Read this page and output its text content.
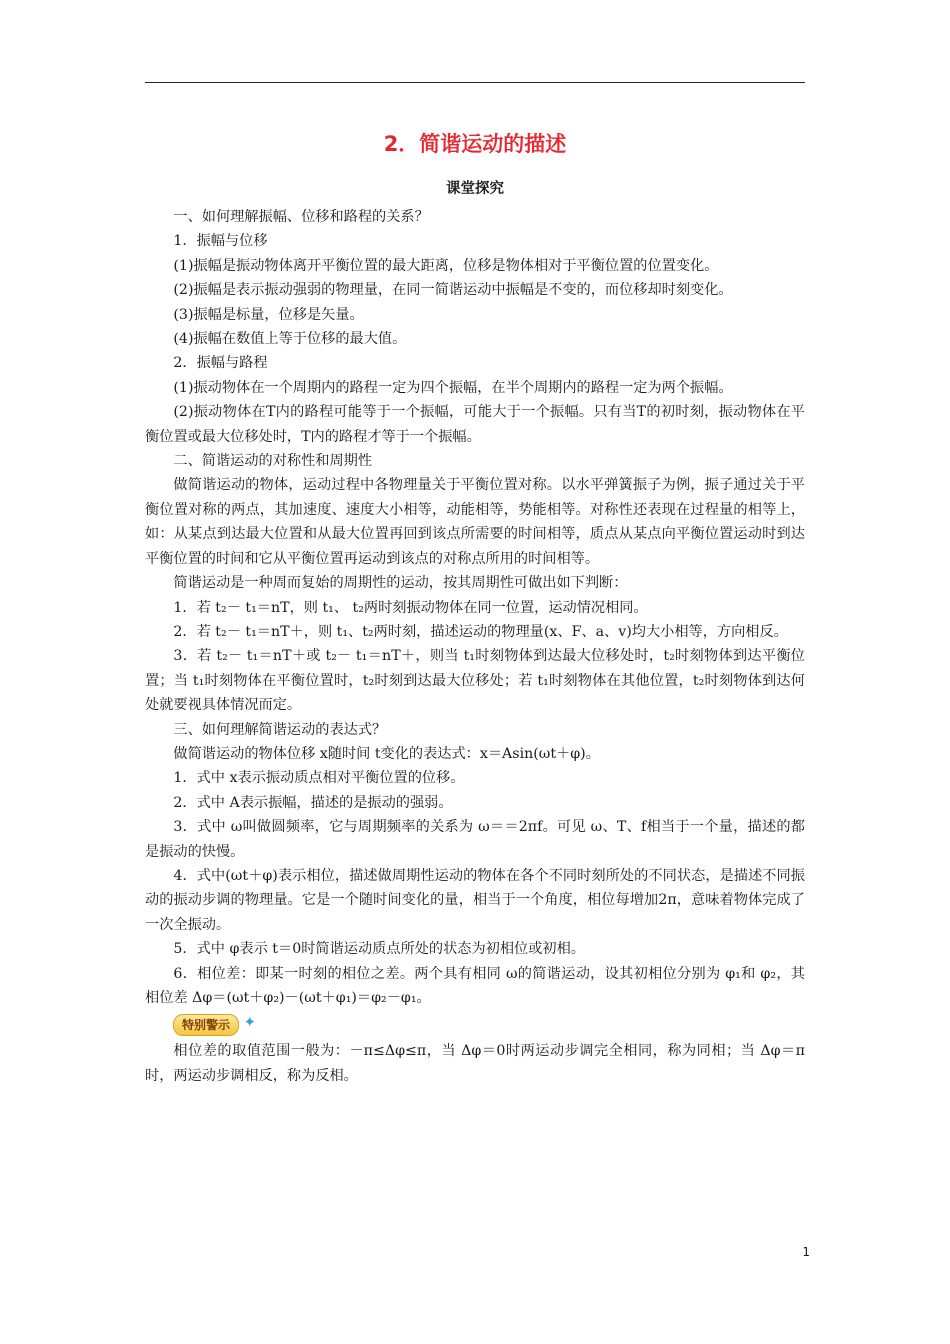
2．简谐运动的描述
课堂探究

一、如何理解振幅、位移和路程的关系？

1．振幅与位移

(1)振幅是振动物体离开平衡位置的最大距离，位移是物体相对于平衡位置的位置变化。

(2)振幅是表示振动强弱的物理量，在同一简谐运动中振幅是不变的，而位移却时刻变化。

(3)振幅是标量，位移是矢量。

(4)振幅在数值上等于位移的最大值。

2．振幅与路程

(1)振动物体在一个周期内的路程一定为四个振幅，在半个周期内的路程一定为两个振幅。

(2)振动物体在T内的路程可能等于一个振幅，可能大于一个振幅。只有当T的初时刻，振动物体在平衡位置或最大位移处时，T内的路程才等于一个振幅。

二、简谐运动的对称性和周期性

做简谐运动的物体，运动过程中各物理量关于平衡位置对称。以水平弹簧振子为例，振子通过关于平衡位置对称的两点，其加速度、速度大小相等，动能相等，势能相等。对称性还表现在过程量的相等上，如：从某点到达最大位置和从最大位置再回到该点所需要的时间相等，质点从某点向平衡位置运动时到达平衡位置的时间和它从平衡位置再运动到该点的对称点所用的时间相等。

简谐运动是一种周而复始的周期性的运动，按其周期性可做出如下判断：

1．若 t₂－ t₁＝nT，则 t₁、 t₂两时刻振动物体在同一位置，运动情况相同。

2．若 t₂－ t₁＝nT＋，则 t₁、t₂两时刻，描述运动的物理量(x、F、a、v)均大小相等，方向相反。

3．若 t₂－ t₁＝nT＋或 t₂－ t₁＝nT＋，则当 t₁时刻物体到达最大位移处时，t₂时刻物体到达平衡位置；当 t₁时刻物体在平衡位置时，t₂时刻到达最大位移处；若 t₁时刻物体在其他位置，t₂时刻物体到达何处就要视具体情况而定。

三、如何理解简谐运动的表达式？

做简谐运动的物体位移 x随时间 t变化的表达式：x＝Asin(ωt＋φ)。

1．式中 x表示振动质点相对平衡位置的位移。

2．式中 A表示振幅，描述的是振动的强弱。

3．式中 ω叫做圆频率，它与周期频率的关系为 ω＝＝2πf。可见 ω、T、f相当于一个量，描述的都是振动的快慢。

4．式中(ωt＋φ)表示相位，描述做周期性运动的物体在各个不同时刻所处的不同状态，是描述不同振动的振动步调的物理量。它是一个随时间变化的量，相当于一个角度，相位每增加2π，意味着物体完成了一次全振动。

5．式中 φ表示 t＝0时简谐运动质点所处的状态为初相位或初相。

6．相位差：即某一时刻的相位之差。两个具有相同 ω的简谐运动，设其初相位分别为 φ₁和 φ₂，其相位差 Δφ＝(ωt＋φ₂)－(ωt＋φ₁)＝φ₂－φ₁。

特别警示 ✦

相位差的取值范围一般为：－π≤Δφ≤π，当 Δφ＝0时两运动步调完全相同，称为同相；当 Δφ＝π时，两运动步调相反，称为反相。

1
